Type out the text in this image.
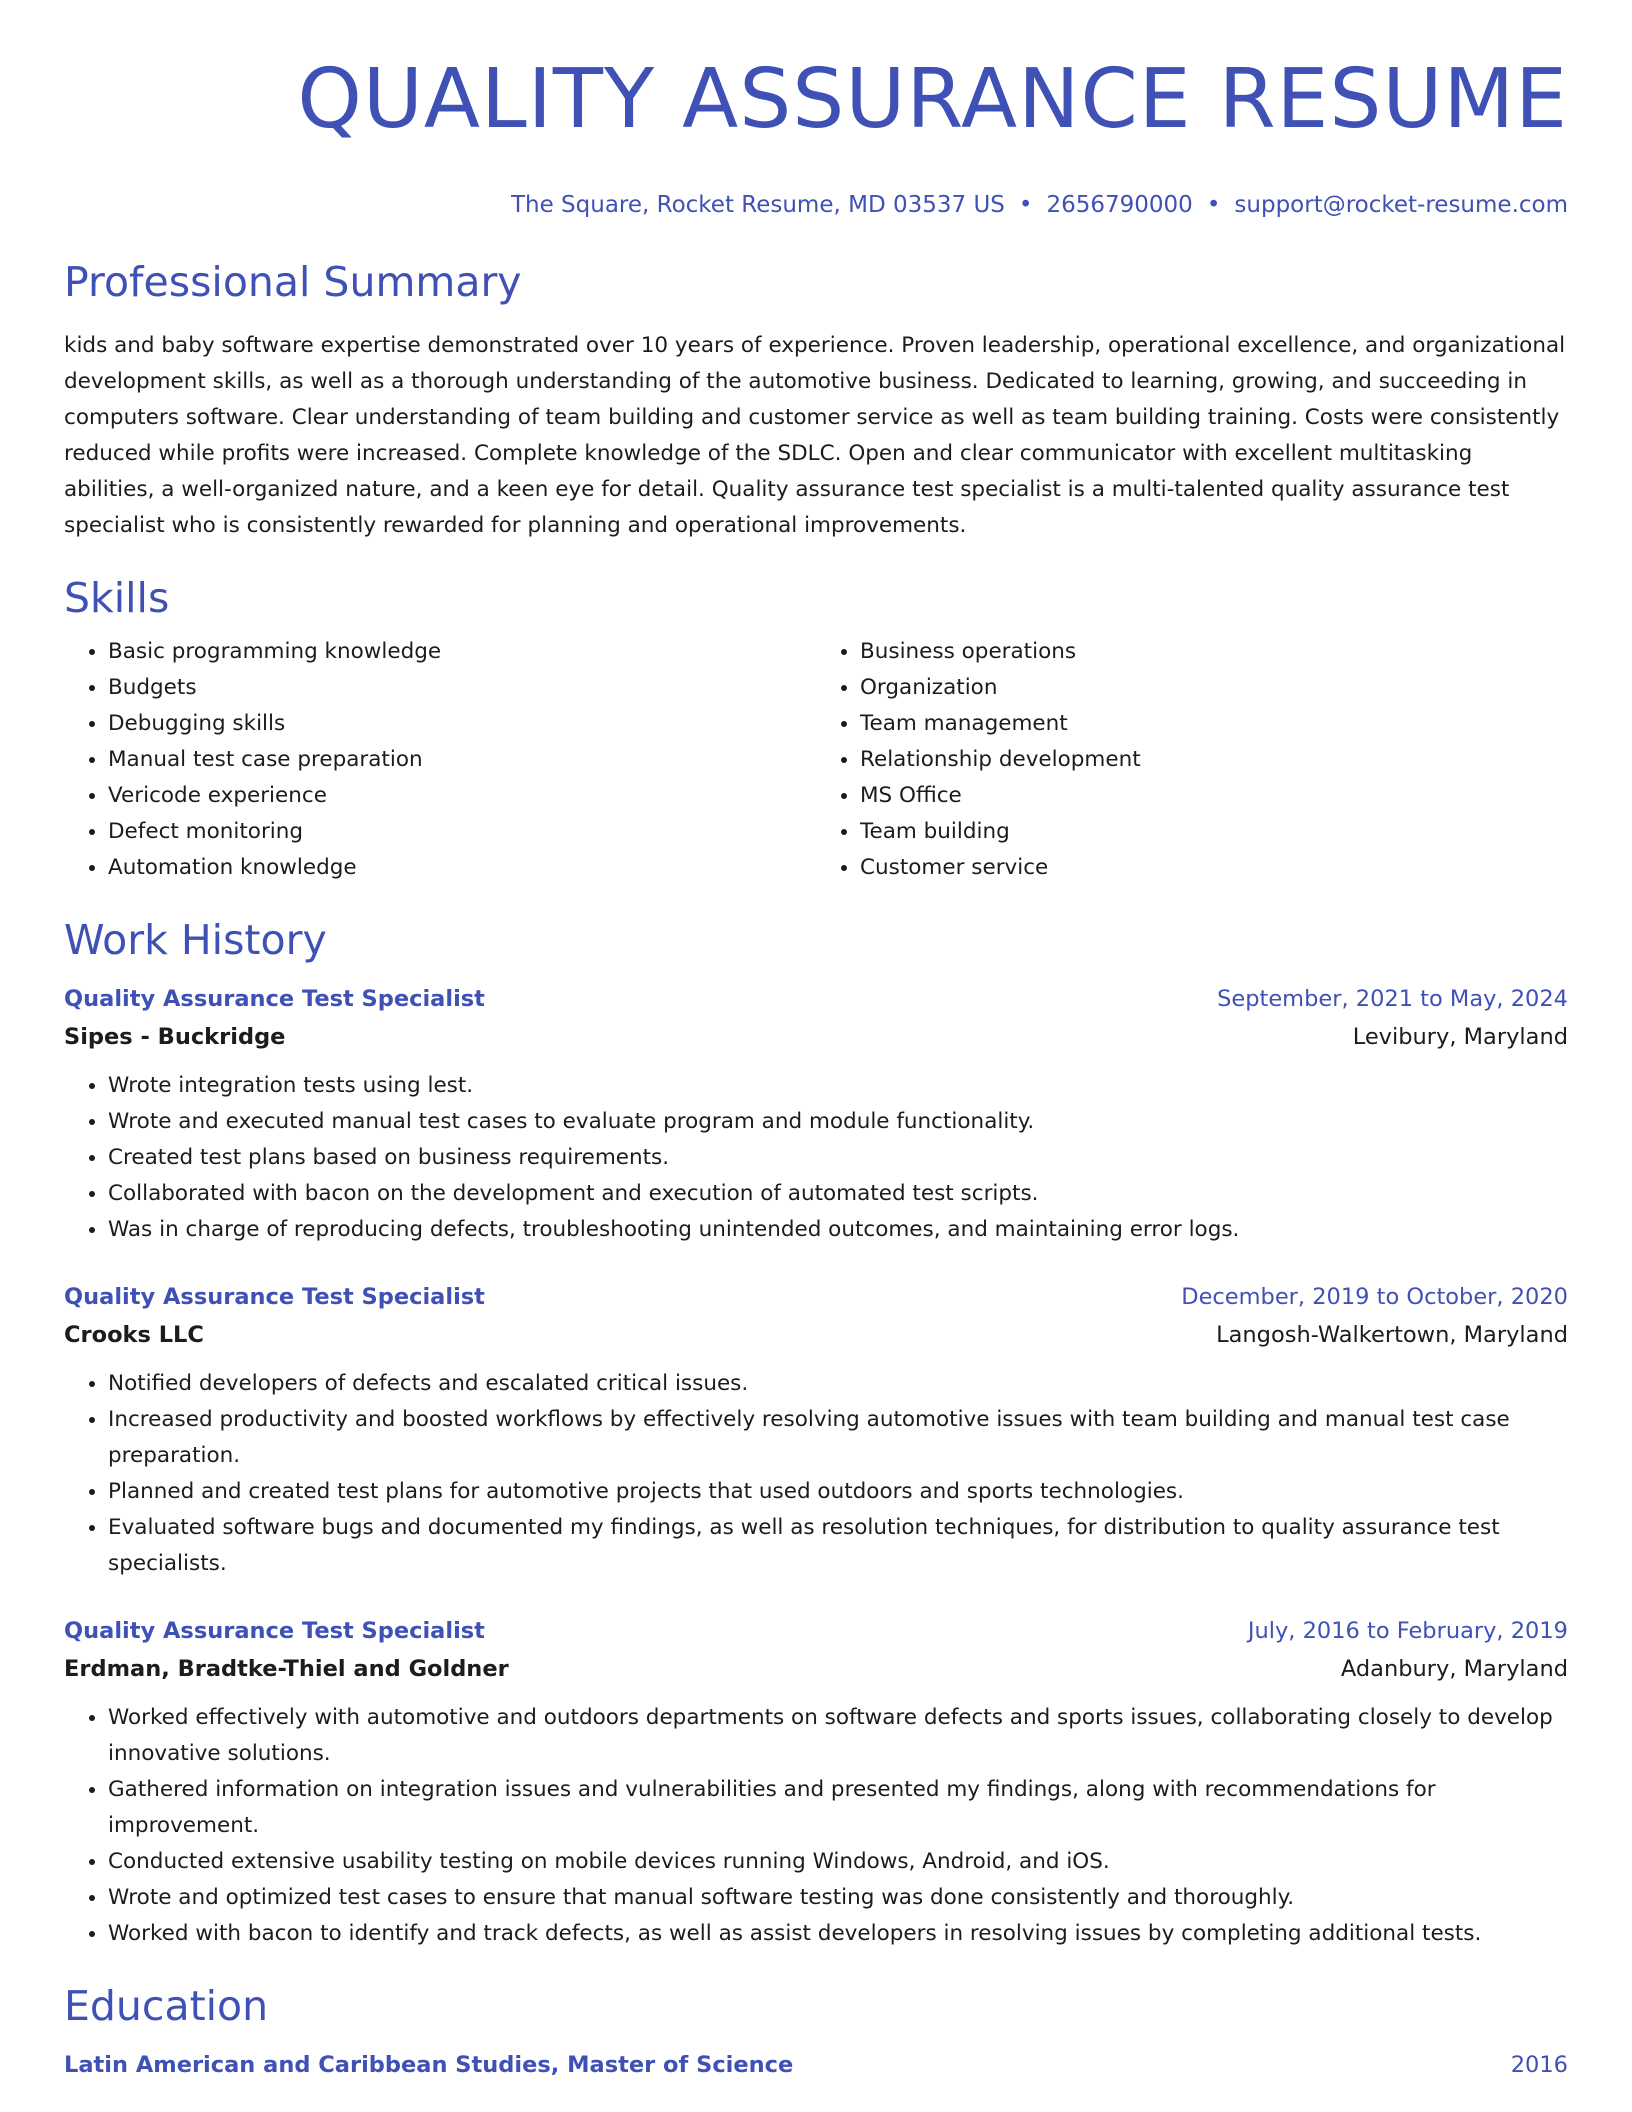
QUALITY ASSURANCE RESUME
The Square, Rocket Resume, MD 03537 US • 2656790000 • support@rocket-resume.com
Professional Summary
kids and baby software expertise demonstrated over 10 years of experience. Proven leadership, operational excellence, and organizational development skills, as well as a thorough understanding of the automotive business. Dedicated to learning, growing, and succeeding in computers software. Clear understanding of team building and customer service as well as team building training. Costs were consistently reduced while profits were increased. Complete knowledge of the SDLC. Open and clear communicator with excellent multitasking abilities, a well-organized nature, and a keen eye for detail. Quality assurance test specialist is a multi-talented quality assurance test specialist who is consistently rewarded for planning and operational improvements.
Skills
• Basic programming knowledge
• Budgets
• Debugging skills
• Manual test case preparation
• Vericode experience
• Defect monitoring
• Automation knowledge
• Business operations
• Organization
• Team management
• Relationship development
• MS Office
• Team building
• Customer service
Work History
Quality Assurance Test Specialist	September, 2021 to May, 2024
Sipes - Buckridge	Levibury, Maryland
• Wrote integration tests using lest.
• Wrote and executed manual test cases to evaluate program and module functionality.
• Created test plans based on business requirements.
• Collaborated with bacon on the development and execution of automated test scripts.
• Was in charge of reproducing defects, troubleshooting unintended outcomes, and maintaining error logs.
Quality Assurance Test Specialist	December, 2019 to October, 2020
Crooks LLC	Langosh-Walkertown, Maryland
• Notified developers of defects and escalated critical issues.
• Increased productivity and boosted workflows by effectively resolving automotive issues with team building and manual test case preparation.
• Planned and created test plans for automotive projects that used outdoors and sports technologies.
• Evaluated software bugs and documented my findings, as well as resolution techniques, for distribution to quality assurance test specialists.
Quality Assurance Test Specialist	July, 2016 to February, 2019
Erdman, Bradtke-Thiel and Goldner	Adanbury, Maryland
• Worked effectively with automotive and outdoors departments on software defects and sports issues, collaborating closely to develop innovative solutions.
• Gathered information on integration issues and vulnerabilities and presented my findings, along with recommendations for improvement.
• Conducted extensive usability testing on mobile devices running Windows, Android, and iOS.
• Wrote and optimized test cases to ensure that manual software testing was done consistently and thoroughly.
• Worked with bacon to identify and track defects, as well as assist developers in resolving issues by completing additional tests.
Education
Latin American and Caribbean Studies, Master of Science	2016
